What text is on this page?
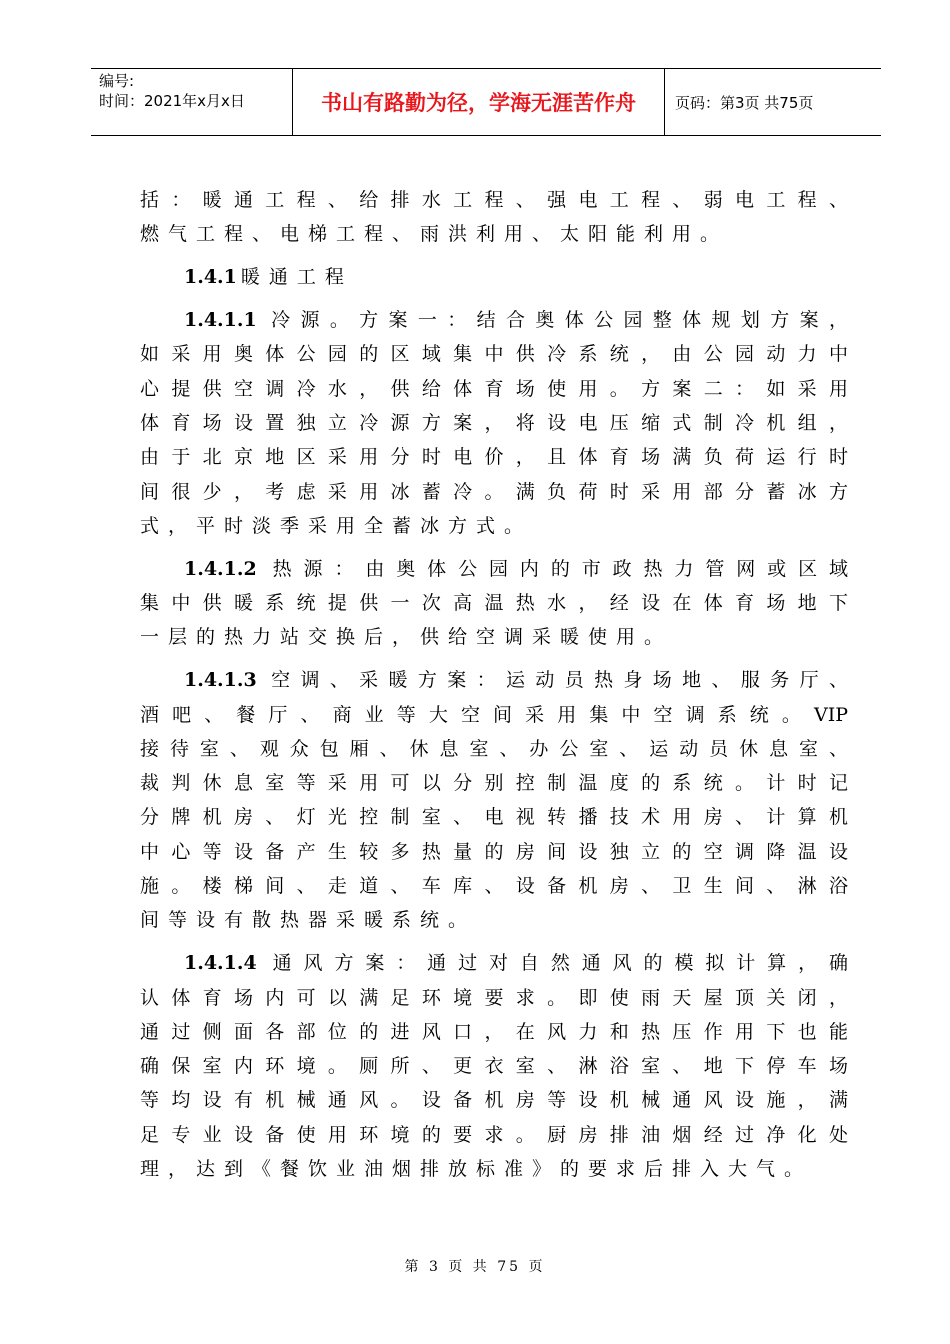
编号:
时间：2021年x月x日	书山有路勤为径，学海无涯苦作舟	页码：第3页 共75页
括：暖通工程、给排水工程、强电工程、弱电工程、
燃气工程、电梯工程、雨洪利用、太阳能利用。
1.4.1 暖通工程
1.4.1.1 冷源。方案一：结合奥体公园整体规划方案，
如采用奥体公园的区域集中供冷系统，由公园动力中
心提供空调冷水，供给体育场使用。方案二：如采用
体育场设置独立冷源方案，将设电压缩式制冷机组，
由于北京地区采用分时电价，且体育场满负荷运行时
间很少，考虑采用冰蓄冷。满负荷时采用部分蓄冰方
式，平时淡季采用全蓄冰方式。
1.4.1.2 热源：由奥体公园内的市政热力管网或区域
集中供暖系统提供一次高温热水，经设在体育场地下
一层的热力站交换后，供给空调采暖使用。
1.4.1.3 空调、采暖方案：运动员热身场地、服务厅、
酒吧、餐厅、商业等大空间采用集中空调系统。VIP
接待室、观众包厢、休息室、办公室、运动员休息室、
裁判休息室等采用可以分别控制温度的系统。计时记
分牌机房、灯光控制室、电视转播技术用房、计算机
中心等设备产生较多热量的房间设独立的空调降温设
施。楼梯间、走道、车库、设备机房、卫生间、淋浴
间等设有散热器采暖系统。
1.4.1.4 通风方案：通过对自然通风的模拟计算，确
认体育场内可以满足环境要求。即使雨天屋顶关闭，
通过侧面各部位的进风口，在风力和热压作用下也能
确保室内环境。厕所、更衣室、淋浴室、地下停车场
等均设有机械通风。设备机房等设机械通风设施，满
足专业设备使用环境的要求。厨房排油烟经过净化处
理，达到《餐饮业油烟排放标准》的要求后排入大气。
第 3 页 共 75 页
